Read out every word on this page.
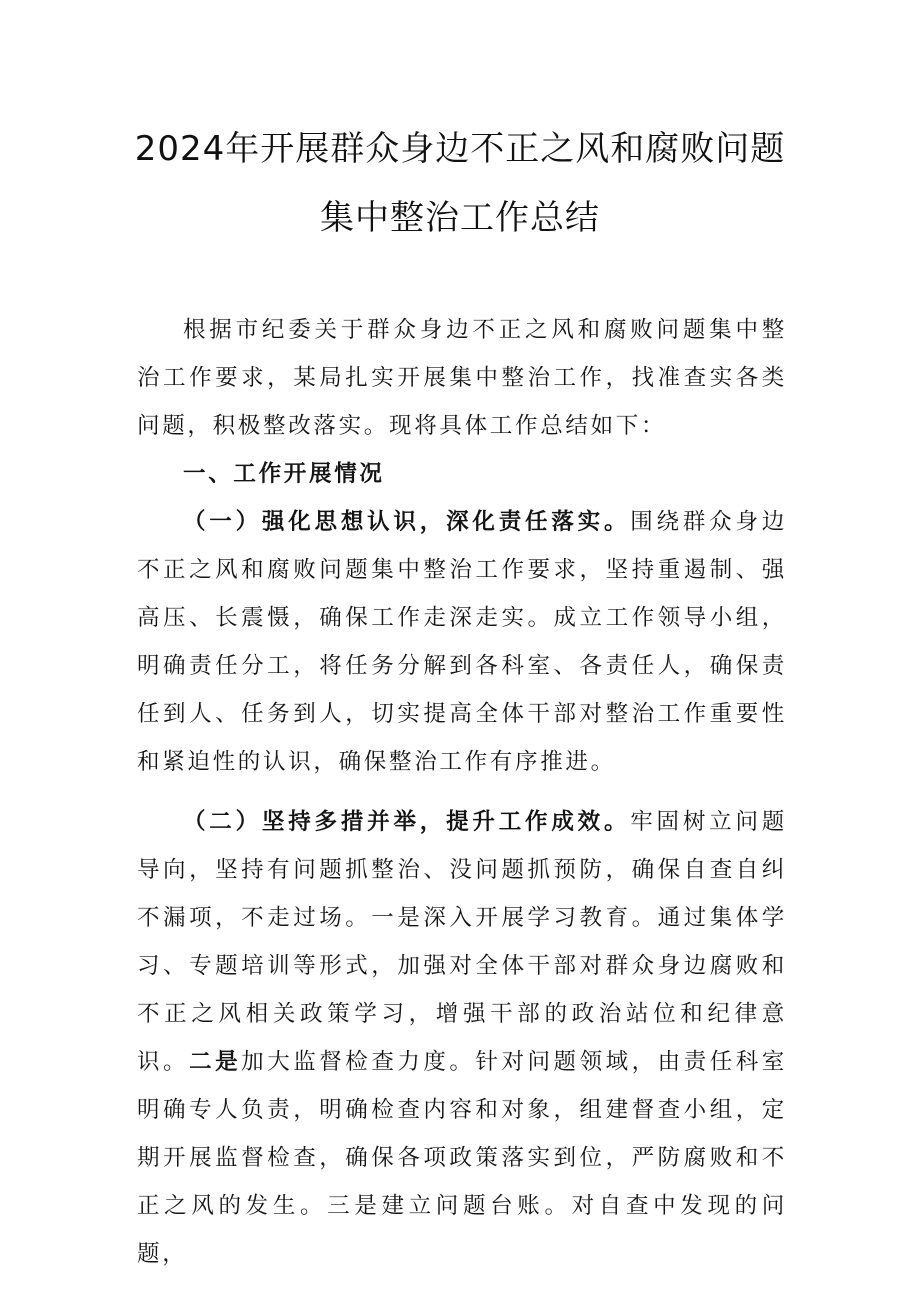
2024年开展群众身边不正之风和腐败问题
集中整治工作总结

根据市纪委关于群众身边不正之风和腐败问题集中整治工作要求，某局扎实开展集中整治工作，找准查实各类问题，积极整改落实。现将具体工作总结如下：

一、工作开展情况

（一）强化思想认识，深化责任落实。围绕群众身边不正之风和腐败问题集中整治工作要求，坚持重遏制、强高压、长震慑，确保工作走深走实。成立工作领导小组，明确责任分工，将任务分解到各科室、各责任人，确保责任到人、任务到人，切实提高全体干部对整治工作重要性和紧迫性的认识，确保整治工作有序推进。

（二）坚持多措并举，提升工作成效。牢固树立问题导向，坚持有问题抓整治、没问题抓预防，确保自查自纠不漏项，不走过场。一是深入开展学习教育。通过集体学习、专题培训等形式，加强对全体干部对群众身边腐败和不正之风相关政策学习，增强干部的政治站位和纪律意识。二是加大监督检查力度。针对问题领域，由责任科室明确专人负责，明确检查内容和对象，组建督查小组，定期开展监督检查，确保各项政策落实到位，严防腐败和不正之风的发生。三是建立问题台账。对自查中发现的问题，
